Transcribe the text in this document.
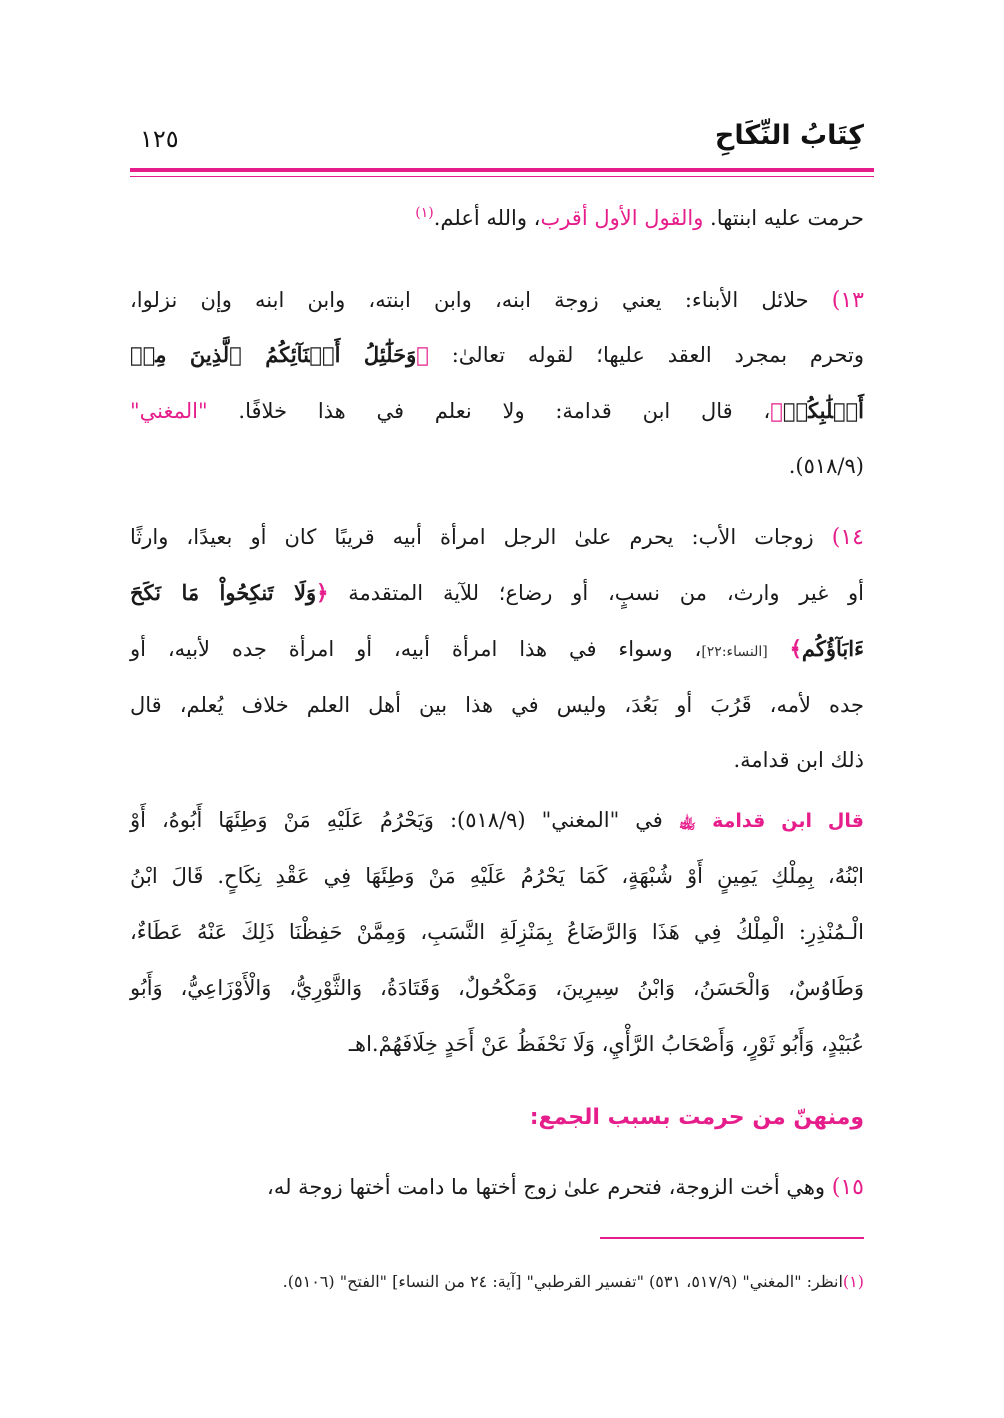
كِتَابُ النِّكَاحِ
١٢٥
حرمت عليه ابنتها. والقول الأول أقرب، والله أعلم.$^{(١)}$
١٣) حلائل الأبناء: يعني زوجة ابنه، وابن ابنته، وابن ابنه وإن نزلوا،
وتحرم بمجرد العقد عليها؛ لقوله تعالىٰ: ﴿وَحَلَٰٓئِلُ أَبۡنَآئِكُمُ ٱلَّذِينَ مِنۡ
أَصۡلَٰبِكُمۡ﴾، قال ابن قدامة: ولا نعلم في هذا خلافًا. "المغني"
(٥١٨/٩).
١٤) زوجات الأب: يحرم علىٰ الرجل امرأة أبيه قريبًا كان أو بعيدًا، وارثًا
أو غير وارث، من نسبٍ، أو رضاع؛ للآية المتقدمة ﴿وَلَا تَنكِحُواْ مَا نَكَحَ
ءَابَآؤُكُم﴾ [النساء:٢٢]، وسواء في هذا امرأة أبيه، أو امرأة جده لأبيه، أو
جده لأمه، قَرُبَ أو بَعُدَ، وليس في هذا بين أهل العلم خلاف يُعلم، قال
ذلك ابن قدامة.
قال ابن قدامة ﵀ في "المغني" (٥١٨/٩): وَيَحْرُمُ عَلَيْهِ مَنْ وَطِئَهَا أَبُوهُ، أَوْ
ابْنُهُ، بِمِلْكِ يَمِينٍ أَوْ شُبْهَةٍ، كَمَا يَحْرُمُ عَلَيْهِ مَنْ وَطِئَهَا فِي عَقْدِ نِكَاحٍ. قَالَ ابْنُ
الْـمُنْذِرِ: الْمِلْكُ فِي هَذَا وَالرَّضَاعُ بِمَنْزِلَةِ النَّسَبِ، وَمِمَّنْ حَفِظْنَا ذَلِكَ عَنْهُ عَطَاءٌ،
وَطَاوُسٌ، وَالْحَسَنُ، وَابْنُ سِيرِينَ، وَمَكْحُولٌ، وَقَتَادَةُ، وَالثَّوْرِيُّ، وَالْأَوْزَاعِيُّ، وَأَبُو
عُبَيْدٍ، وَأَبُو ثَوْرٍ، وَأَصْحَابُ الرَّأْيِ، وَلَا نَحْفَظُ عَنْ أَحَدٍ خِلَافَهُمْ.اهـ
ومنهنّ من حرمت بسبب الجمع:
١٥) وهي أخت الزوجة، فتحرم علىٰ زوج أختها ما دامت أختها زوجة له،
(١)انظر: "المغني" (٥١٧/٩، ٥٣١) "تفسير القرطبي" [آية: ٢٤ من النساء] "الفتح" (٥١٠٦).
